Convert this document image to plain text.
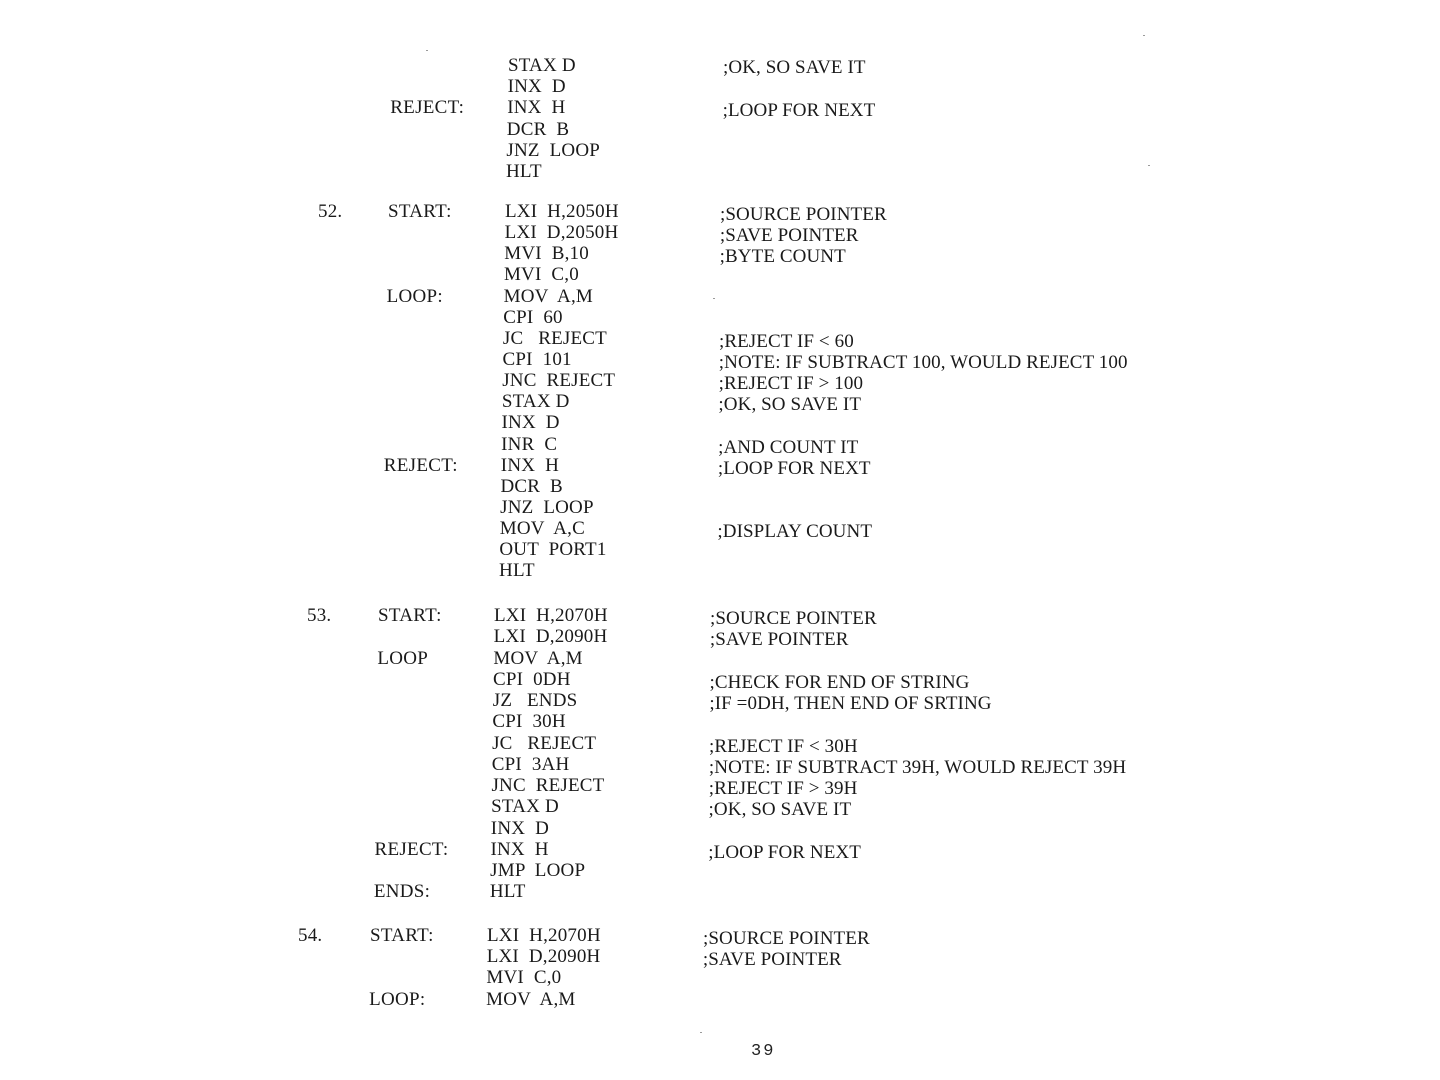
STAX D	;OK, SO SAVE IT
INX  D
REJECT: INX  H	;LOOP FOR NEXT
DCR  B
JNZ  LOOP
HLT
52. START:	LXI  H,2050H	;SOURCE POINTER
LXI  D,2050H	;SAVE POINTER
MVI  B,10	;BYTE COUNT
MVI  C,0
LOOP:	MOV  A,M
CPI  60
JC   REJECT	;REJECT IF < 60
CPI  101	;NOTE: IF SUBTRACT 100, WOULD REJECT 100
JNC  REJECT	;REJECT IF > 100
STAX D	;OK, SO SAVE IT
INX  D
INR  C	;AND COUNT IT
REJECT: INX  H	;LOOP FOR NEXT
DCR  B
JNZ  LOOP
MOV  A,C	;DISPLAY COUNT
OUT  PORT1
HLT
53. START:	LXI  H,2070H	;SOURCE POINTER
LXI  D,2090H	;SAVE POINTER
LOOP	MOV  A,M
CPI  0DH	;CHECK FOR END OF STRING
JZ   ENDS	;IF =0DH, THEN END OF SRTING
CPI  30H
JC   REJECT	;REJECT IF < 30H
CPI  3AH	;NOTE: IF SUBTRACT 39H, WOULD REJECT 39H
JNC  REJECT	;REJECT IF > 39H
STAX D	;OK, SO SAVE IT
INX  D
REJECT: INX  H	;LOOP FOR NEXT
JMP  LOOP
ENDS:	HLT
54.	START:	LXI  H,2070H	;SOURCE POINTER
LXI  D,2090H	;SAVE POINTER
MVI  C,0
LOOP:	MOV  A,M
39
